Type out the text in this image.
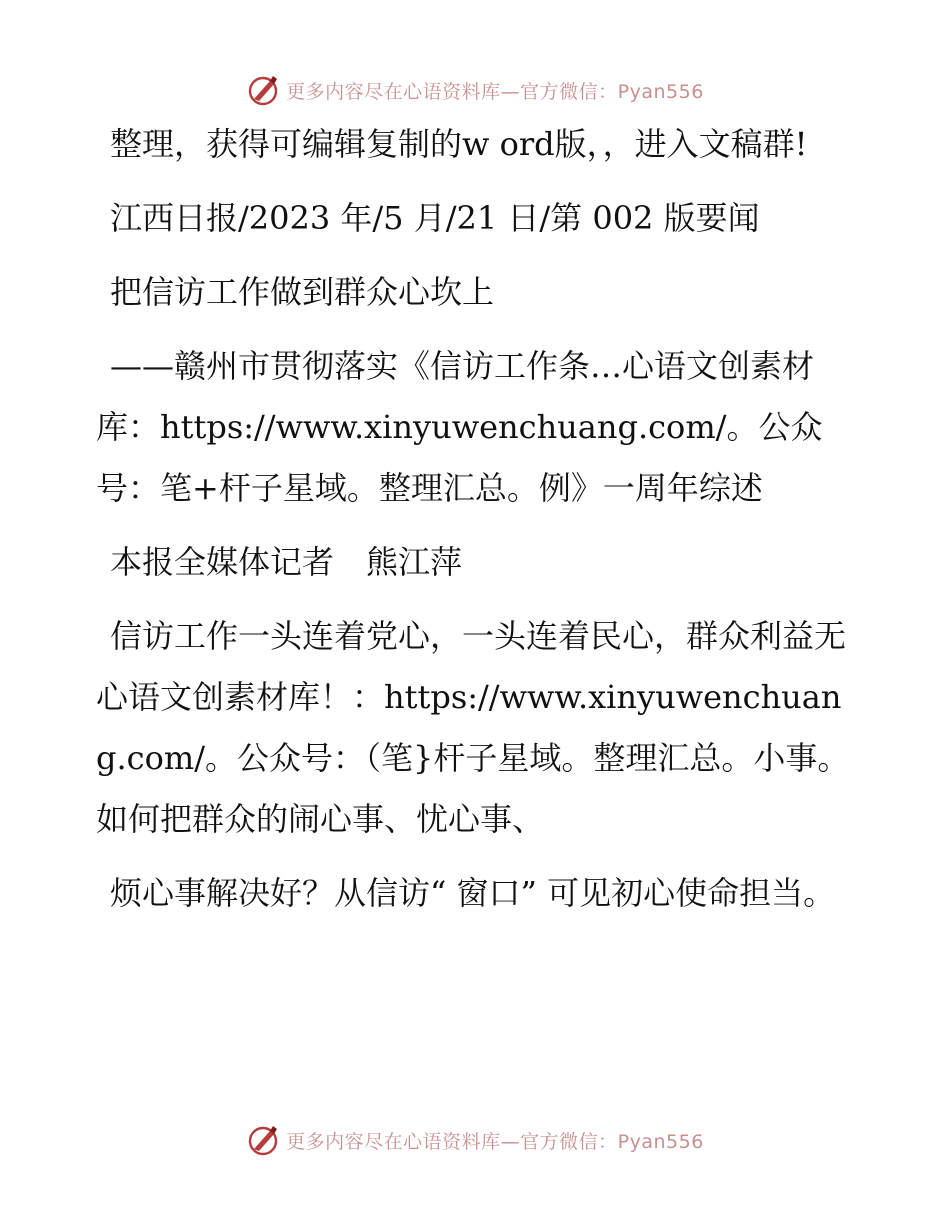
更多内容尽在心语资料库—官方微信：Pyan556

整理，获得可编辑复制的w ord版，，进入文稿群!

江西日报/2023 年/5 月/21 日/第 002 版要闻

把信访工作做到群众心坎上

——赣州市贯彻落实《信访工作条…心语文创素材库：https://www.xinyuwenchuang.com/。公众号：笔+杆子星域。整理汇总。例》一周年综述

本报全媒体记者　熊江萍

信访工作一头连着党心，一头连着民心，群众利益无心语文创素材库！：https://www.xinyuwenchuang.com/。公众号：（笔}杆子星域。整理汇总。小事。如何把群众的闹心事、忧心事、

烦心事解决好？从信访“ 窗口” 可见初心使命担当。

更多内容尽在心语资料库—官方微信：Pyan556
